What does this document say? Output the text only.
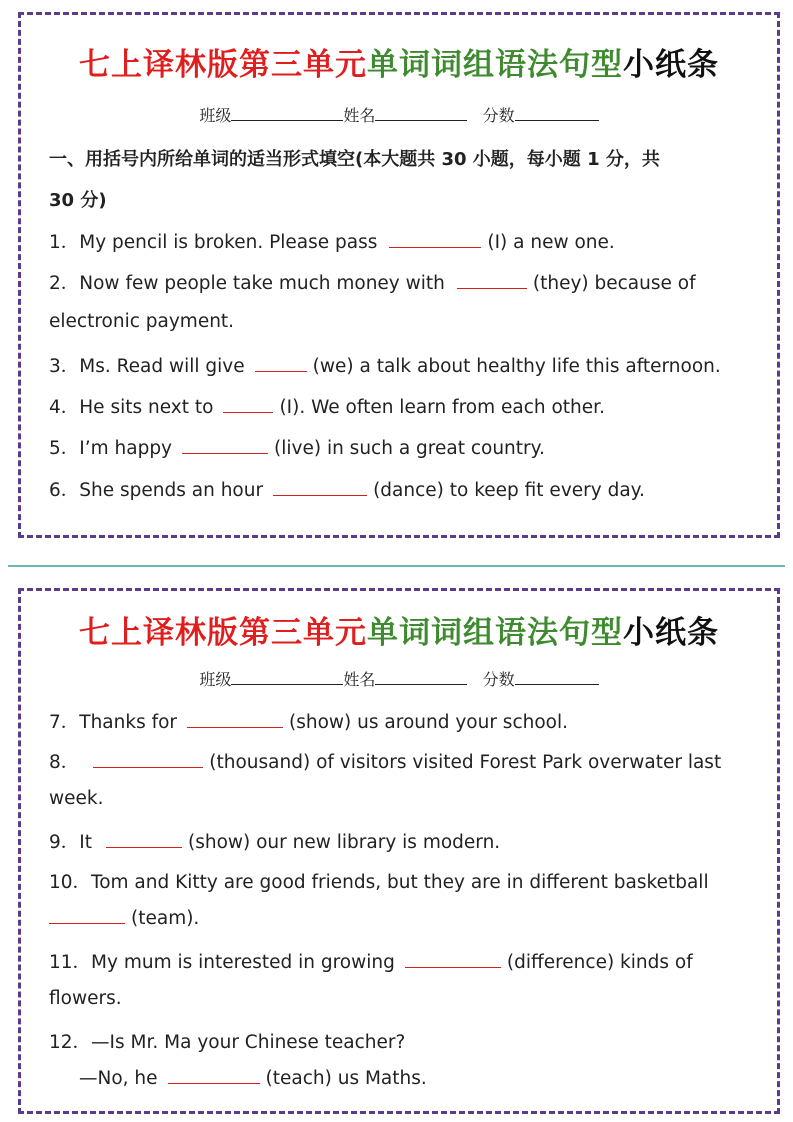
七上译林版第三单元单词词组语法句型小纸条
班级	姓名	分数
一、用括号内所给单词的适当形式填空(本大题共 30 小题，每小题 1 分，共
30 分)
1．My pencil is broken. Please pass	(I) a new one.
2．Now few people take much money with	(they) because of
electronic payment.
3．Ms. Read will give	(we) a talk about healthy life this afternoon.
4．He sits next to	(I). We often learn from each other.
5．I’m happy	(live) in such a great country.
6．She spends an hour	(dance) to keep fit every day.
七上译林版第三单元单词词组语法句型小纸条
班级	姓名	分数
7．Thanks for	(show) us around your school.
8．	(thousand) of visitors visited Forest Park overwater last
week.
9．It	(show) our new library is modern.
10．Tom and Kitty are good friends, but they are in different basketball
(team).
11．My mum is interested in growing	(difference) kinds of
flowers.
12．—Is Mr. Ma your Chinese teacher?
—No, he	(teach) us Maths.
